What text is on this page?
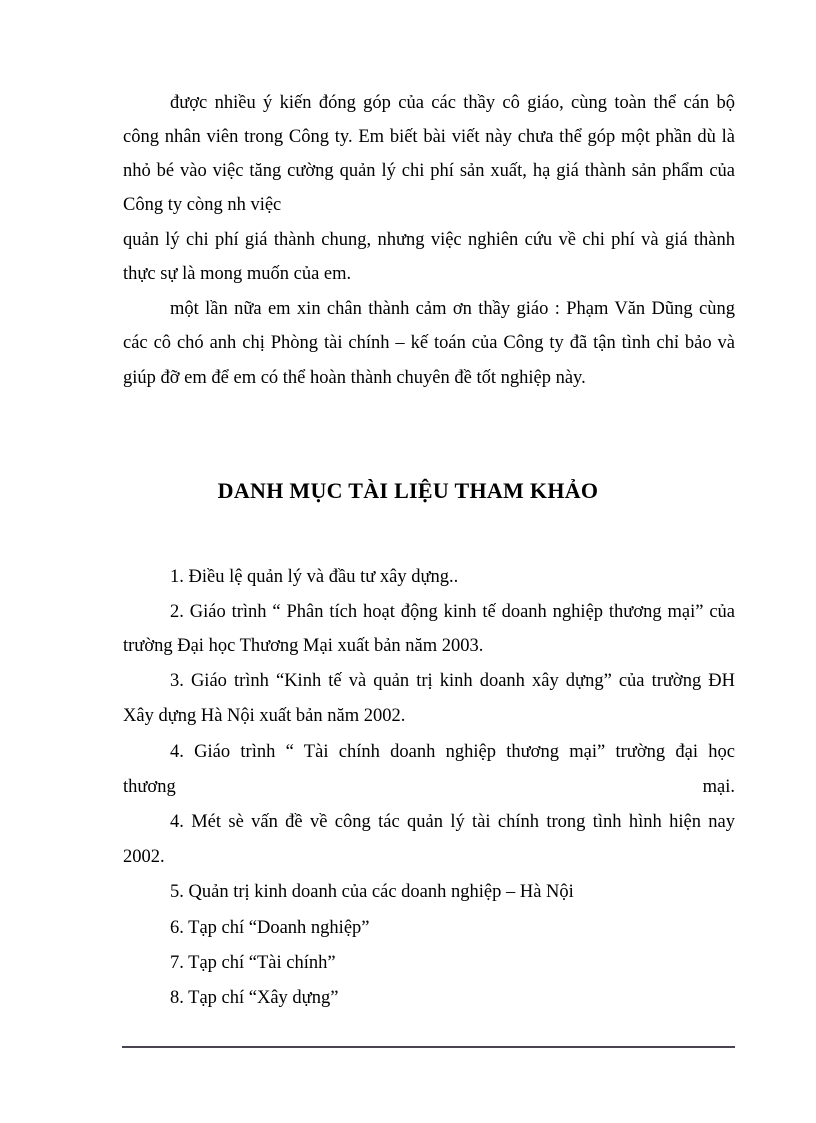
được nhiều ý kiến đóng góp của các thầy cô giáo, cùng toàn thể cán bộ
công nhân viên trong Công ty. Em biết bài viết này chưa thể góp một phần dù là
nhỏ bé vào việc tăng cường quản lý chi phí sản xuất, hạ giá thành sản phẩm của
Công ty còng nh việc
quản lý chi phí giá thành chung, nhưng việc nghiên cứu về chi phí và giá thành
thực sự là mong muốn của em.
một lần nữa em xin chân thành cảm ơn thầy giáo : Phạm Văn Dũng cùng
các cô chó anh chị Phòng tài chính – kế toán của Công ty đã tận tình chỉ bảo và
giúp đỡ em để em có thể hoàn thành chuyên đề tốt nghiệp này.
DANH MỤC TÀI LIỆU THAM KHẢO
1. Điều lệ quản lý và đầu tư xây dựng..
2. Giáo trình “ Phân tích hoạt động kinh tế doanh nghiệp thương mại” của
trường Đại học Thương Mại xuất bản năm 2003.
3. Giáo trình “Kinh tế và quản trị kinh doanh xây dựng” của trường ĐH
Xây dựng Hà Nội xuất bản năm 2002.
4. Giáo trình “ Tài chính doanh nghiệp thương mại” trường đại học
thương	mại.
4. Mét sè vấn đề về công tác quản lý tài chính trong tình hình hiện nay
2002.
5. Quản trị kinh doanh của các doanh nghiệp – Hà Nội
6. Tạp chí “Doanh nghiệp”
7. Tạp chí “Tài chính”
8. Tạp chí “Xây dựng”
